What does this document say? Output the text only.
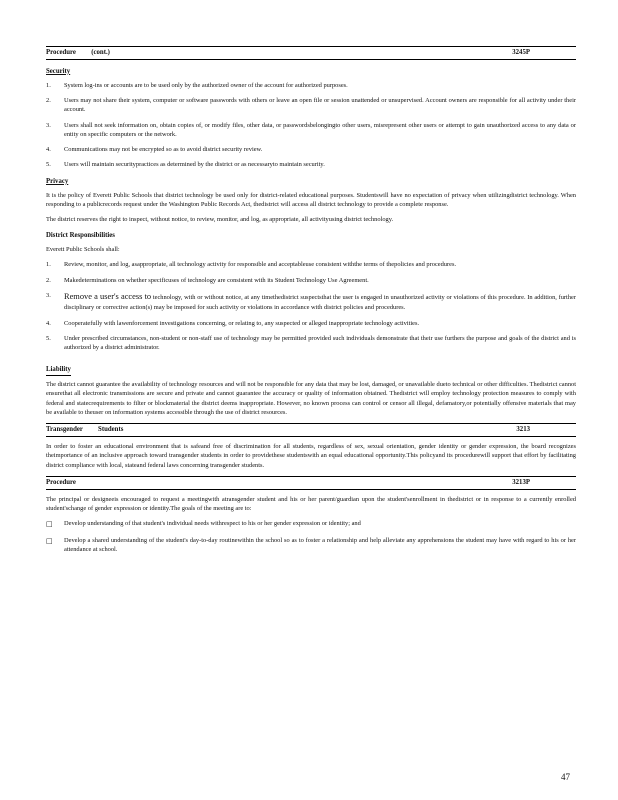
Procedure         (cont.)	3245P
Security
1.	System log-ins or accounts are to be used only by the authorized owner of the account for authorized purposes.
2.	Users may not share their system, computer or software passwords with others or leave an open file or session unattended or unsupervised. Account owners are responsible for all activity under their account.
3.	Users shall not seek information on, obtain copies of, or modify files, other data, or passwordsbelongingto other users, misrepresent other users or attempt to gain unauthorized access to any data or entity on specific computers or the network.
4.	Communications may not be encrypted so as to avoid district security review.
5.	Users will maintain securitypractices as determined by the district or as necessaryto maintain security.
Privacy

It is the policy of Everett Public Schools that district technology be used only for district-related educational purposes. Studentswill have no expectation of privacy when utilizingdistrict technology. When responding to a publicrecords request under the Washington Public Records Act, thedistrict will access all district technology to provide a complete response.

The district reserves the right to inspect, without notice, to review, monitor, and log, as appropriate, all activityusing district technology.

District Responsibilities

Everett Public Schools shall:

1.	Review, monitor, and log, asappropriate, all technology activity for responsible and acceptableuse consistent withthe terms of thepolicies and procedures.
2.	Makedeterminations on whether specificuses of technology are consistent with its Student Technology Use Agreement.
3.	Remove a user's access to technology, with or without notice, at any timethedistrict suspectsthat the user is engaged in unauthorized activity or violations of this procedure. In addition, further disciplinary or corrective action(s) may be imposed for such activity or violations in accordance with district policies and procedures.
4.	Cooperatefully with lawenforcement investigations concerning, or relating to, any suspected or alleged inappropriate technology activities.
5.	Under prescribed circumstances, non-student or non-staff use of technology may be permitted provided such individuals demonstrate that their use furthers the purpose and goals of the district and is authorized by a district administrator.
Liability

The district cannot guarantee the availability of technology resources and will not be responsible for any data that may be lost, damaged, or unavailable dueto technical or other difficulties. Thedistrict cannot ensurethat all electronic transmissions are secure and private and cannot guarantee the accuracy or quality of information obtained. Thedistrict will employ technology protection measures to comply with federal and statecrequirements to filter or blockmaterial the district deems inappropriate. However, no known process can control or censor all illegal, defamatory,or potentially offensive materials that may be available to theuser on information systems accessible through the use of district resources.

Transgender         Students	3213

In order to foster an educational environment that is safeand free of discrimination for all students, regardless of sex, sexual orientation, gender identity or gender expression, the board recognizes theimportance of an inclusive approach toward transgender students in order to providethese studentswith an equal educational opportunity.This policyand its procedurewill support that effort by facilitating district compliance with local, stateand federal laws concerning transgender students.

Procedure	3213P

The principal or designeeis encouraged to request a meetingwith atransgender student and his or her parent/guardian upon the student'senrollment in thedistrict or in response to a currently enrolled student'schange of gender expression or identity.The goals of the meeting are to:

□	Develop understanding of that student's individual needs withrespect to his or her gender expression or identity; and
□	Develop a shared understanding of the student's day-to-day routinewithin the school so as to foster a relationship and help alleviate any apprehensions the student may have with regard to his or her attendance at school.
47
